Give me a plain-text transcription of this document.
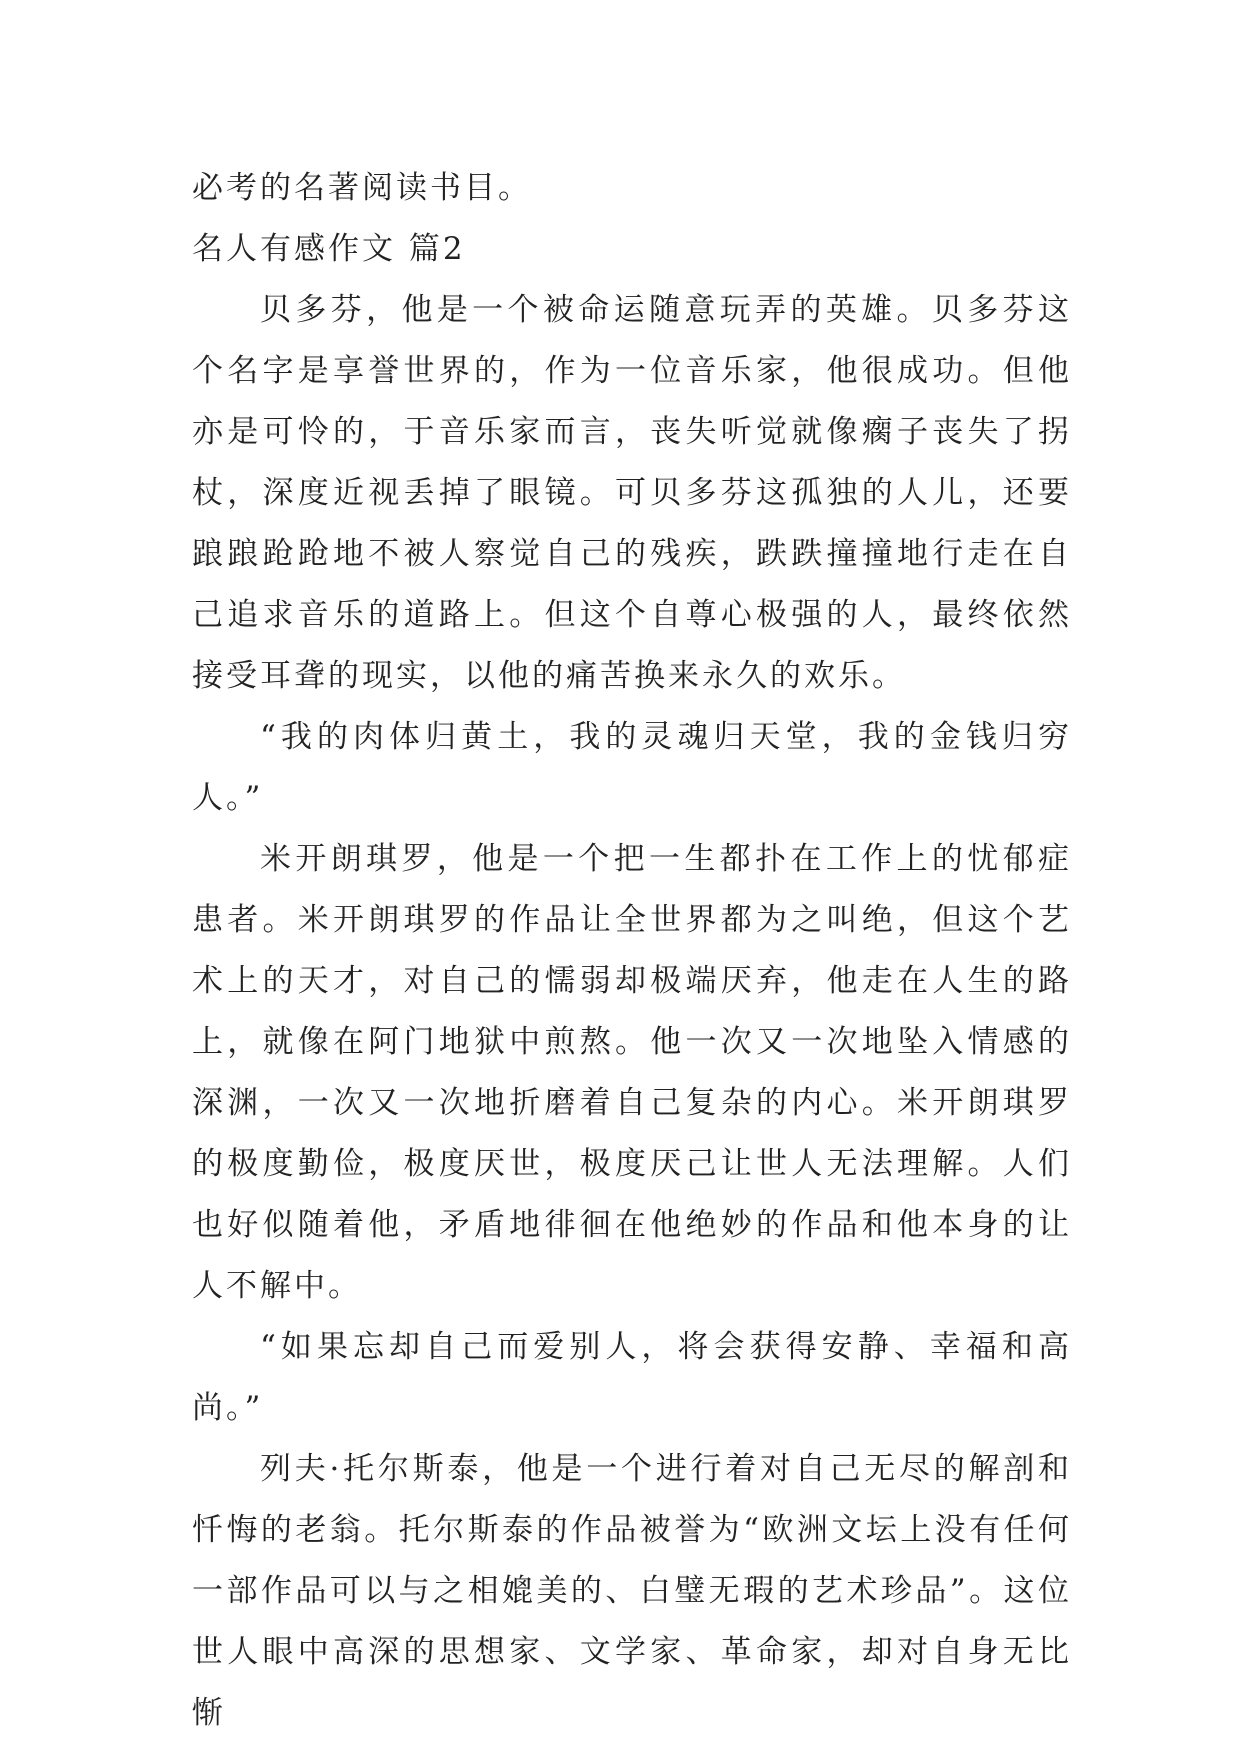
必考的名著阅读书目。

名人有感作文 篇2

贝多芬，他是一个被命运随意玩弄的英雄。贝多芬这个名字是享誉世界的，作为一位音乐家，他很成功。但他亦是可怜的，于音乐家而言，丧失听觉就像瘸子丧失了拐杖，深度近视丢掉了眼镜。可贝多芬这孤独的人儿，还要踉踉跄跄地不被人察觉自己的残疾，跌跌撞撞地行走在自己追求音乐的道路上。但这个自尊心极强的人，最终依然接受耳聋的现实，以他的痛苦换来永久的欢乐。

“我的肉体归黄土，我的灵魂归天堂，我的金钱归穷人。”

米开朗琪罗，他是一个把一生都扑在工作上的忧郁症患者。米开朗琪罗的作品让全世界都为之叫绝，但这个艺术上的天才，对自己的懦弱却极端厌弃，他走在人生的路上，就像在阿门地狱中煎熬。他一次又一次地坠入情感的深渊，一次又一次地折磨着自己复杂的内心。米开朗琪罗的极度勤俭，极度厌世，极度厌己让世人无法理解。人们也好似随着他，矛盾地徘徊在他绝妙的作品和他本身的让人不解中。

“如果忘却自己而爱别人，将会获得安静、幸福和高尚。”

列夫·托尔斯泰，他是一个进行着对自己无尽的解剖和忏悔的老翁。托尔斯泰的作品被誉为“欧洲文坛上没有任何一部作品可以与之相媲美的、白璧无瑕的艺术珍品”。这位世人眼中高深的思想家、文学家、革命家，却对自身无比惭
